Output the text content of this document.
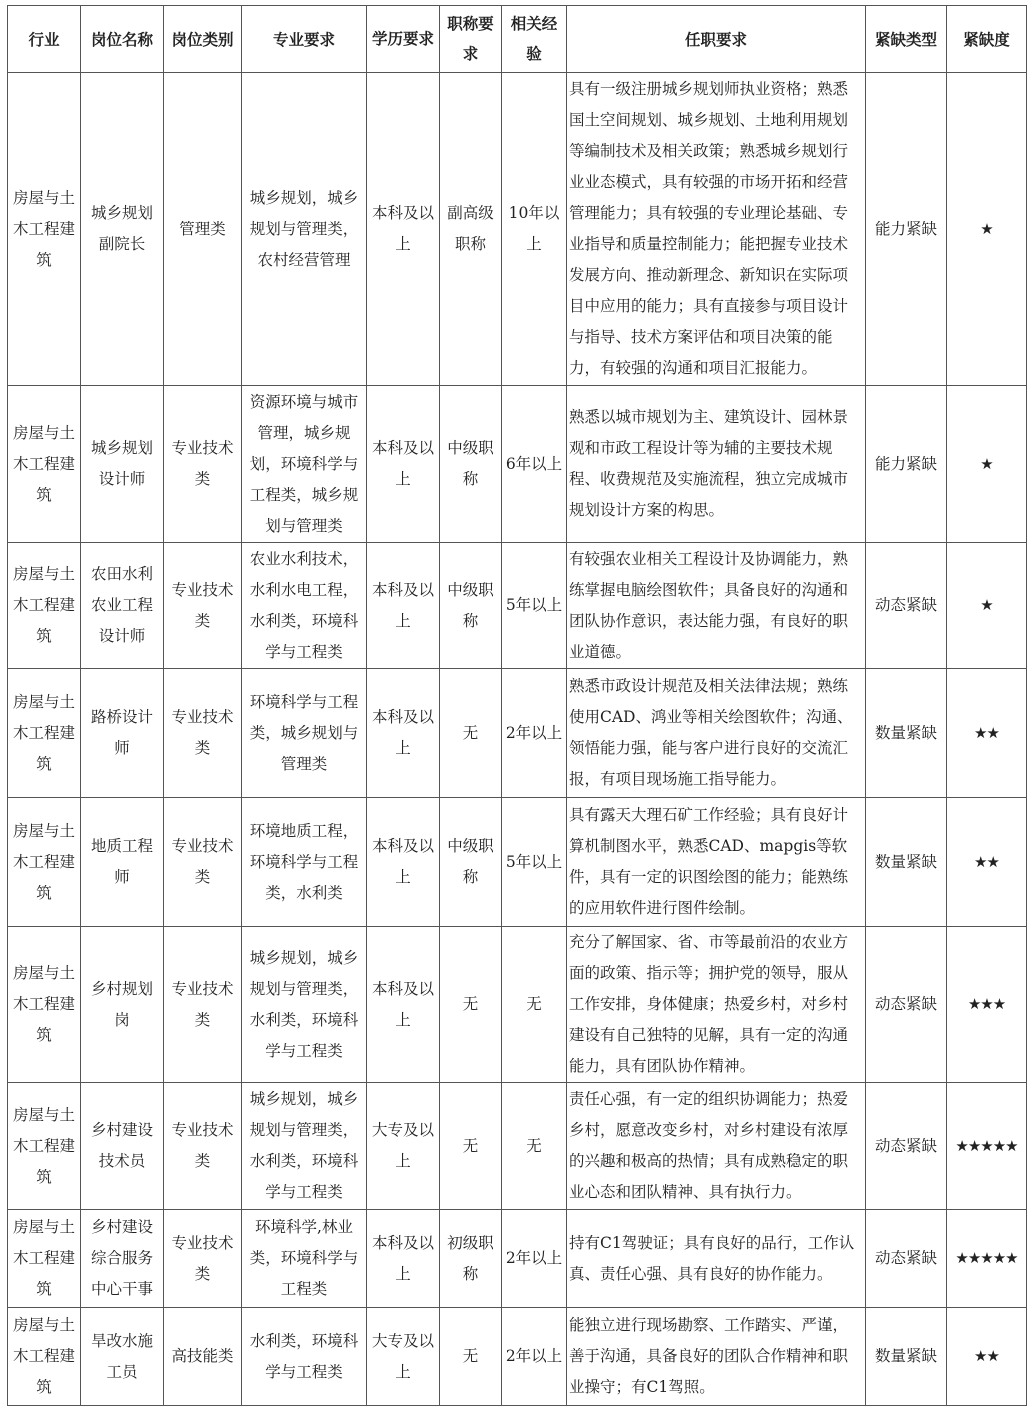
行业	岗位名称	岗位类别	专业要求	学历要求	职称要求	相关经验	任职要求	紧缺类型	紧缺度
房屋与土木工程建筑	城乡规划副院长	管理类	城乡规划，城乡规划与管理类，农村经营管理	本科及以上	副高级职称	10年以上	具有一级注册城乡规划师执业资格；熟悉国土空间规划、城乡规划、土地利用规划等编制技术及相关政策；熟悉城乡规划行业业态模式，具有较强的市场开拓和经营管理能力；具有较强的专业理论基础、专业指导和质量控制能力；能把握专业技术发展方向、推动新理念、新知识在实际项目中应用的能力；具有直接参与项目设计与指导、技术方案评估和项目决策的能力，有较强的沟通和项目汇报能力。	能力紧缺	★
房屋与土木工程建筑	城乡规划设计师	专业技术类	资源环境与城市管理，城乡规划，环境科学与工程类，城乡规划与管理类	本科及以上	中级职称	6年以上	熟悉以城市规划为主、建筑设计、园林景观和市政工程设计等为辅的主要技术规程、收费规范及实施流程，独立完成城市规划设计方案的构思。	能力紧缺	★
房屋与土木工程建筑	农田水利农业工程设计师	专业技术类	农业水利技术，水利水电工程，水利类，环境科学与工程类	本科及以上	中级职称	5年以上	有较强农业相关工程设计及协调能力，熟练掌握电脑绘图软件；具备良好的沟通和团队协作意识，表达能力强，有良好的职业道德。	动态紧缺	★
房屋与土木工程建筑	路桥设计师	专业技术类	环境科学与工程类，城乡规划与管理类	本科及以上	无	2年以上	熟悉市政设计规范及相关法律法规；熟练使用CAD、鸿业等相关绘图软件；沟通、领悟能力强，能与客户进行良好的交流汇报，有项目现场施工指导能力。	数量紧缺	★★
房屋与土木工程建筑	地质工程师	专业技术类	环境地质工程，环境科学与工程类，水利类	本科及以上	中级职称	5年以上	具有露天大理石矿工作经验；具有良好计算机制图水平，熟悉CAD、mapgis等软件，具有一定的识图绘图的能力；能熟练的应用软件进行图件绘制。	数量紧缺	★★
房屋与土木工程建筑	乡村规划岗	专业技术类	城乡规划，城乡规划与管理类，水利类，环境科学与工程类	本科及以上	无	无	充分了解国家、省、市等最前沿的农业方面的政策、指示等；拥护党的领导，服从工作安排，身体健康；热爱乡村，对乡村建设有自己独特的见解，具有一定的沟通能力，具有团队协作精神。	动态紧缺	★★★
房屋与土木工程建筑	乡村建设技术员	专业技术类	城乡规划，城乡规划与管理类，水利类，环境科学与工程类	大专及以上	无	无	责任心强，有一定的组织协调能力；热爱乡村，愿意改变乡村，对乡村建设有浓厚的兴趣和极高的热情；具有成熟稳定的职业心态和团队精神、具有执行力。	动态紧缺	★★★★★
房屋与土木工程建筑	乡村建设综合服务中心干事	专业技术类	环境科学,林业类，环境科学与工程类	本科及以上	初级职称	2年以上	持有C1驾驶证；具有良好的品行，工作认真、责任心强、具有良好的协作能力。	动态紧缺	★★★★★
房屋与土木工程建筑	旱改水施工员	高技能类	水利类，环境科学与工程类	大专及以上	无	2年以上	能独立进行现场勘察、工作踏实、严谨，善于沟通，具备良好的团队合作精神和职业操守；有C1驾照。	数量紧缺	★★
